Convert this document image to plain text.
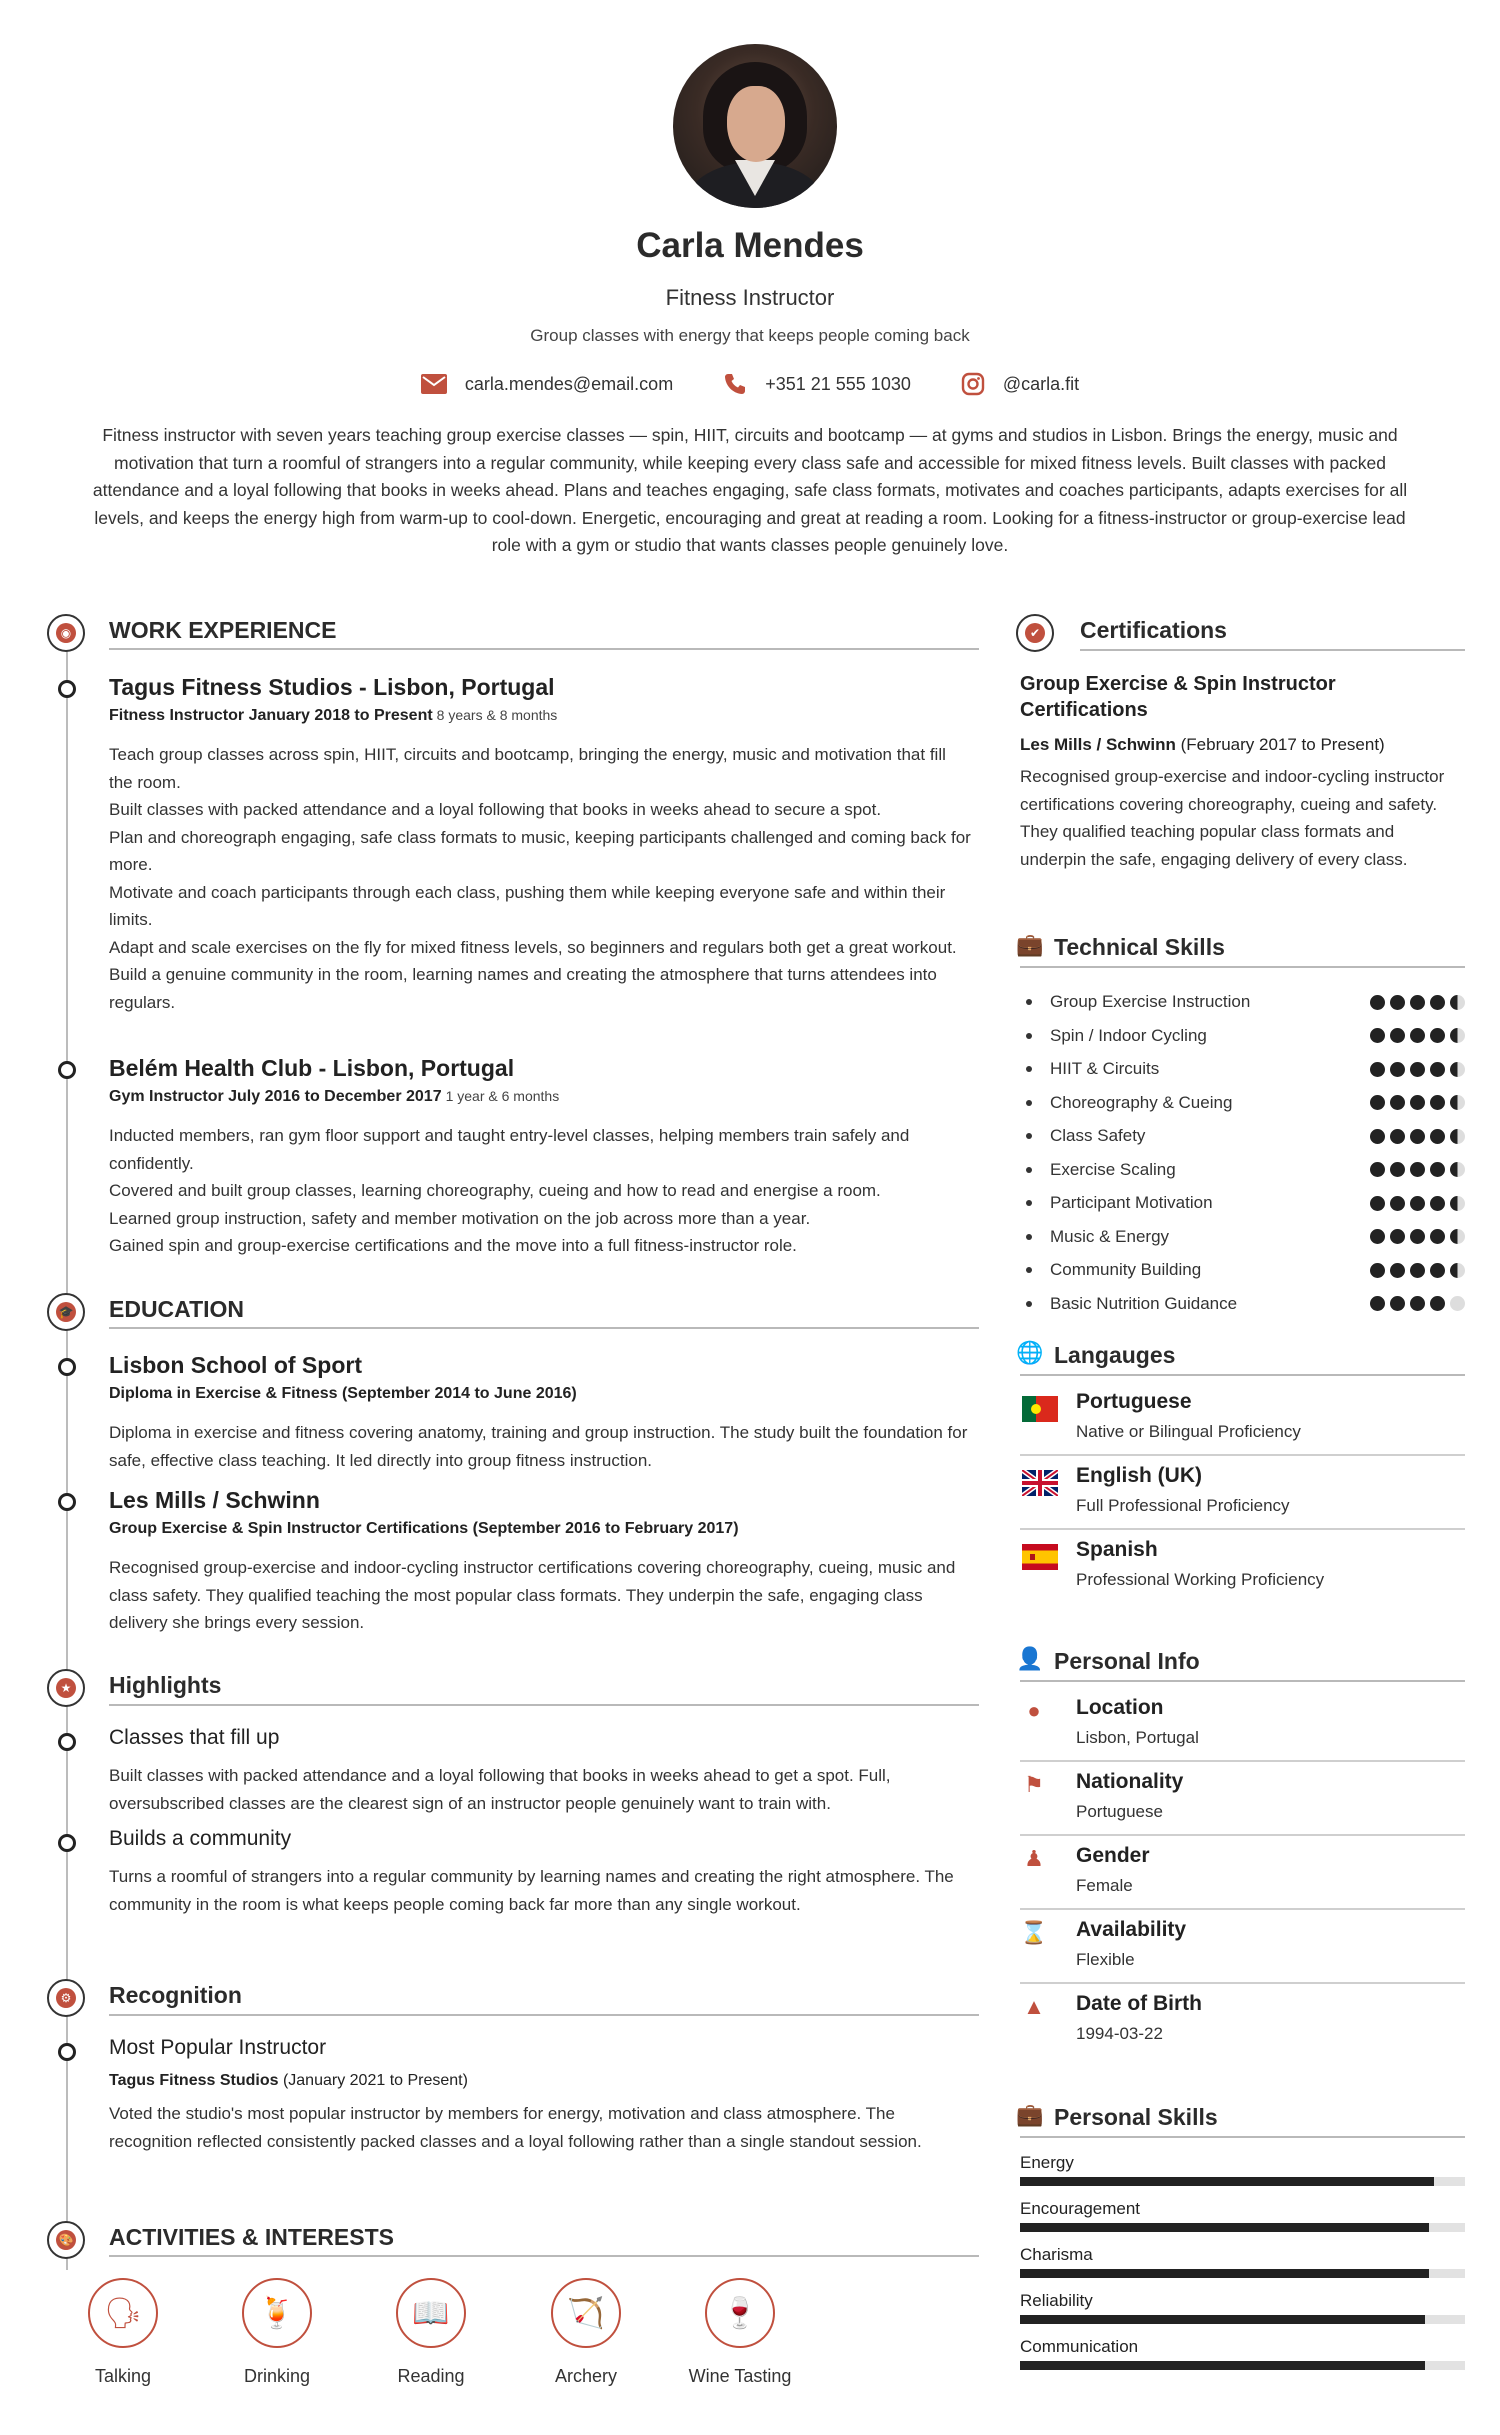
Carla Mendes
Fitness Instructor
Group classes with energy that keeps people coming back
carla.mendes@email.com	+351 21 555 1030	@carla.fit
Fitness instructor with seven years teaching group exercise classes — spin, HIIT, circuits and bootcamp — at gyms and studios in Lisbon. Brings the energy, music and motivation that turn a roomful of strangers into a regular community, while keeping every class safe and accessible for mixed fitness levels. Built classes with packed attendance and a loyal following that books in weeks ahead. Plans and teaches engaging, safe class formats, motivates and coaches participants, adapts exercises for all levels, and keeps the energy high from warm-up to cool-down. Energetic, encouraging and great at reading a room. Looking for a fitness-instructor or group-exercise lead role with a gym or studio that wants classes people genuinely love.
◉ WORK EXPERIENCE
Tagus Fitness Studios - Lisbon, Portugal
Fitness Instructor January 2018 to Present 8 years & 8 months
Teach group classes across spin, HIIT, circuits and bootcamp, bringing the energy, music and motivation that fill the room.
Built classes with packed attendance and a loyal following that books in weeks ahead to secure a spot.
Plan and choreograph engaging, safe class formats to music, keeping participants challenged and coming back for more.
Motivate and coach participants through each class, pushing them while keeping everyone safe and within their limits.
Adapt and scale exercises on the fly for mixed fitness levels, so beginners and regulars both get a great workout.
Build a genuine community in the room, learning names and creating the atmosphere that turns attendees into regulars.
Belém Health Club - Lisbon, Portugal
Gym Instructor July 2016 to December 2017 1 year & 6 months
Inducted members, ran gym floor support and taught entry-level classes, helping members train safely and confidently.
Covered and built group classes, learning choreography, cueing and how to read and energise a room.
Learned group instruction, safety and member motivation on the job across more than a year.
Gained spin and group-exercise certifications and the move into a full fitness-instructor role.
🎓 EDUCATION
Lisbon School of Sport
Diploma in Exercise & Fitness (September 2014 to June 2016)
Diploma in exercise and fitness covering anatomy, training and group instruction. The study built the foundation for safe, effective class teaching. It led directly into group fitness instruction.
Les Mills / Schwinn
Group Exercise & Spin Instructor Certifications (September 2016 to February 2017)
Recognised group-exercise and indoor-cycling instructor certifications covering choreography, cueing, music and class safety. They qualified teaching the most popular class formats. They underpin the safe, engaging class delivery she brings every session.
★ Highlights
Classes that fill up
Built classes with packed attendance and a loyal following that books in weeks ahead to get a spot. Full, oversubscribed classes are the clearest sign of an instructor people genuinely want to train with.
Builds a community
Turns a roomful of strangers into a regular community by learning names and creating the right atmosphere. The community in the room is what keeps people coming back far more than any single workout.
⚙ Recognition
Most Popular Instructor
Tagus Fitness Studios (January 2021 to Present)
Voted the studio's most popular instructor by members for energy, motivation and class atmosphere. The recognition reflected consistently packed classes and a loyal following rather than a single standout session.
🎨 ACTIVITIES & INTERESTS
🗣
Talking
🍹
Drinking
📖
Reading
🏹
Archery
🍷
Wine Tasting
✔ Certifications
Group Exercise & Spin Instructor Certifications
Les Mills / Schwinn (February 2017 to Present)
Recognised group-exercise and indoor-cycling instructor certifications covering choreography, cueing and safety. They qualified teaching popular class formats and underpin the safe, engaging delivery of every class.
💼 Technical Skills
Group Exercise Instruction
Spin / Indoor Cycling
HIIT & Circuits
Choreography & Cueing
Class Safety
Exercise Scaling
Participant Motivation
Music & Energy
Community Building
Basic Nutrition Guidance
🌐 Langauges
Portuguese
Native or Bilingual Proficiency
English (UK)
Full Professional Proficiency
Spanish
Professional Working Proficiency
👤 Personal Info
●	Location
Lisbon, Portugal
⚑ Nationality
Portuguese
♟ Gender
Female
⌛ Availability
Flexible
▲ Date of Birth
1994-03-22
💼 Personal Skills
Energy
Encouragement
Charisma
Reliability
Communication
